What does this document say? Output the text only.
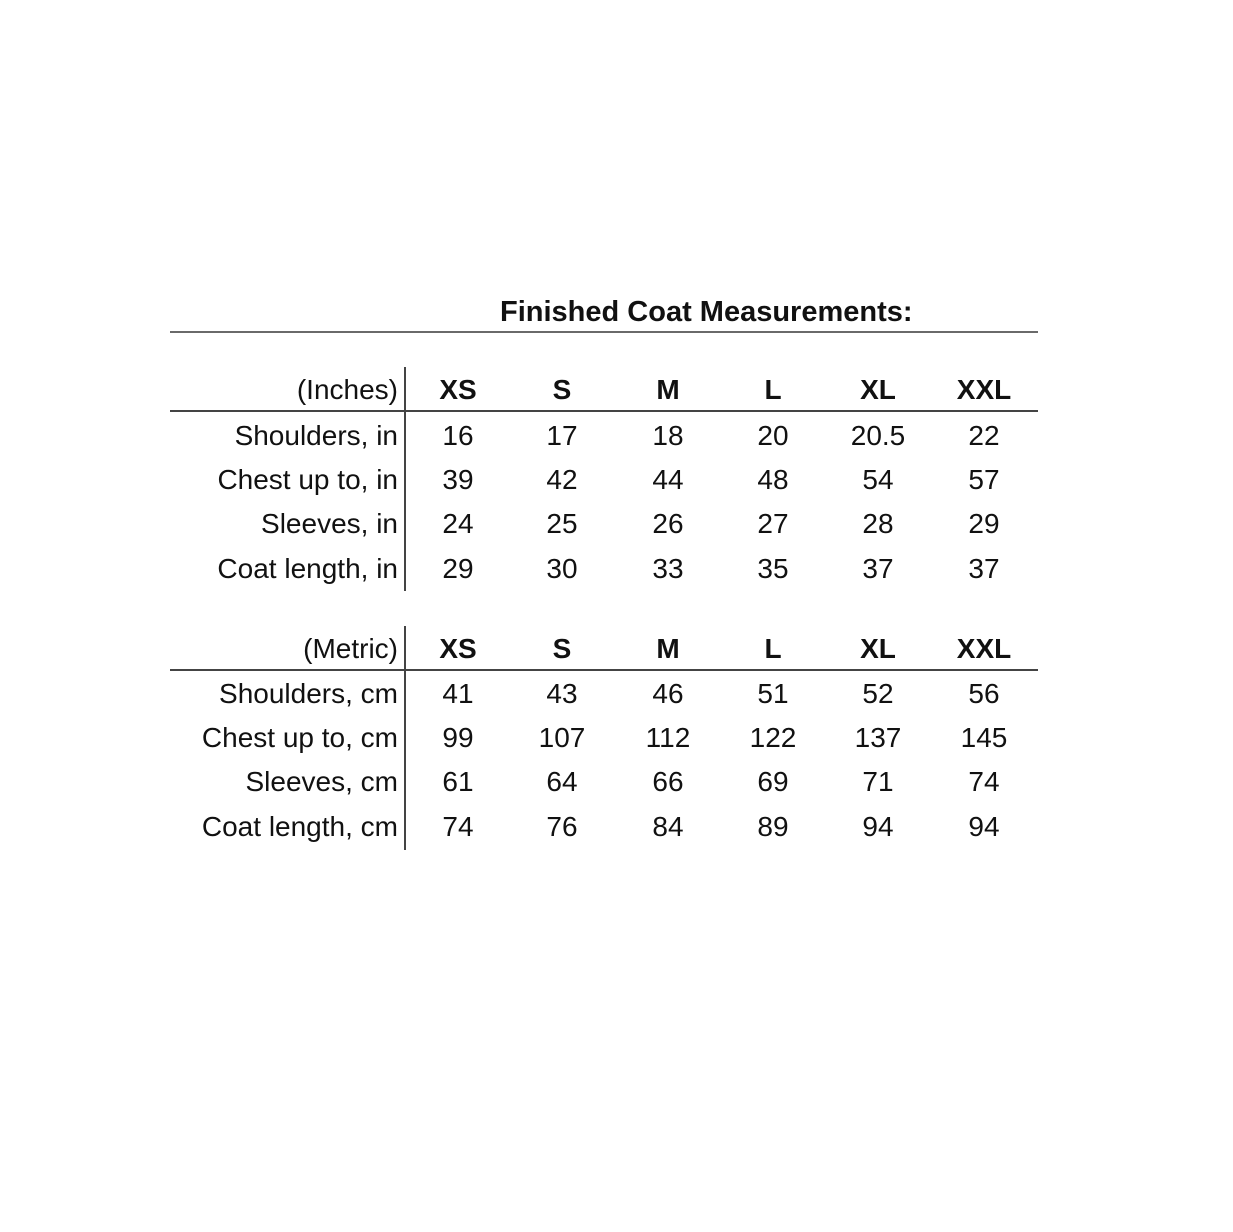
Finished Coat Measurements:
(Inches)	XS	S	M	L	XL	XXL
Shoulders, in	16	17	18	20	20.5	22
Chest up to, in	39	42	44	48	54	57
Sleeves, in	24	25	26	27	28	29
Coat length, in	29	30	33	35	37	37
(Metric)	XS	S	M	L	XL	XXL
Shoulders, cm	41	43	46	51	52	56
Chest up to, cm	99	107	112	122	137	145
Sleeves, cm	61	64	66	69	71	74
Coat length, cm	74	76	84	89	94	94
